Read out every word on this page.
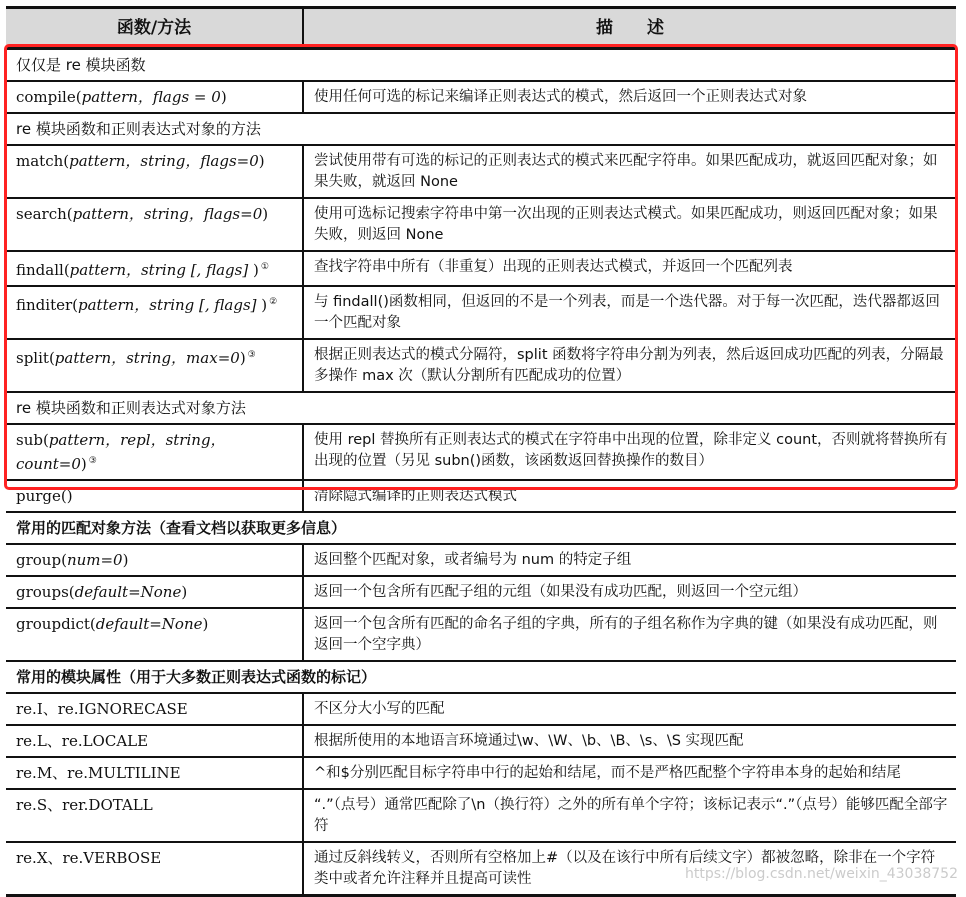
函数/方法	描　　述
仅仅是 re 模块函数	
compile(pattern，flags = 0)	使用任何可选的标记来编译正则表达式的模式，然后返回一个正则表达式对象
re 模块函数和正则表达式对象的方法	
match(pattern，string，flags=0)	尝试使用带有可选的标记的正则表达式的模式来匹配字符串。如果匹配成功，就返回匹配对象；如果失败，就返回 None
search(pattern，string，flags=0)	使用可选标记搜索字符串中第一次出现的正则表达式模式。如果匹配成功，则返回匹配对象；如果失败，则返回 None
findall(pattern，string [, flags] ) ①	查找字符串中所有（非重复）出现的正则表达式模式，并返回一个匹配列表
finditer(pattern，string [, flags] ) ②	与 findall()函数相同，但返回的不是一个列表，而是一个迭代器。对于每一次匹配，迭代器都返回一个匹配对象
split(pattern，string，max=0) ③	根据正则表达式的模式分隔符，split 函数将字符串分割为列表，然后返回成功匹配的列表，分隔最多操作 max 次（默认分割所有匹配成功的位置）
re 模块函数和正则表达式对象方法	
sub(pattern，repl，string，count=0) ③	使用 repl 替换所有正则表达式的模式在字符串中出现的位置，除非定义 count，否则就将替换所有出现的位置（另见 subn()函数，该函数返回替换操作的数目）
purge()	清除隐式编译的正则表达式模式
常用的匹配对象方法（查看文档以获取更多信息）	
group(num=0)	返回整个匹配对象，或者编号为 num 的特定子组
groups(default=None)	返回一个包含所有匹配子组的元组（如果没有成功匹配，则返回一个空元组）
groupdict(default=None)	返回一个包含所有匹配的命名子组的字典，所有的子组名称作为字典的键（如果没有成功匹配，则返回一个空字典）
常用的模块属性（用于大多数正则表达式函数的标记）	
re.I、re.IGNORECASE	不区分大小写的匹配
re.L、re.LOCALE	根据所使用的本地语言环境通过\w、\W、\b、\B、\s、\S 实现匹配
re.M、re.MULTILINE	^和$分别匹配目标字符串中行的起始和结尾，而不是严格匹配整个字符串本身的起始和结尾
re.S、rer.DOTALL	“.”（点号）通常匹配除了\n（换行符）之外的所有单个字符；该标记表示“.”（点号）能够匹配全部字符
re.X、re.VERBOSE	通过反斜线转义，否则所有空格加上#（以及在该行中所有后续文字）都被忽略，除非在一个字符类中或者允许注释并且提高可读性	https://blog.csdn.net/weixin_43038752
